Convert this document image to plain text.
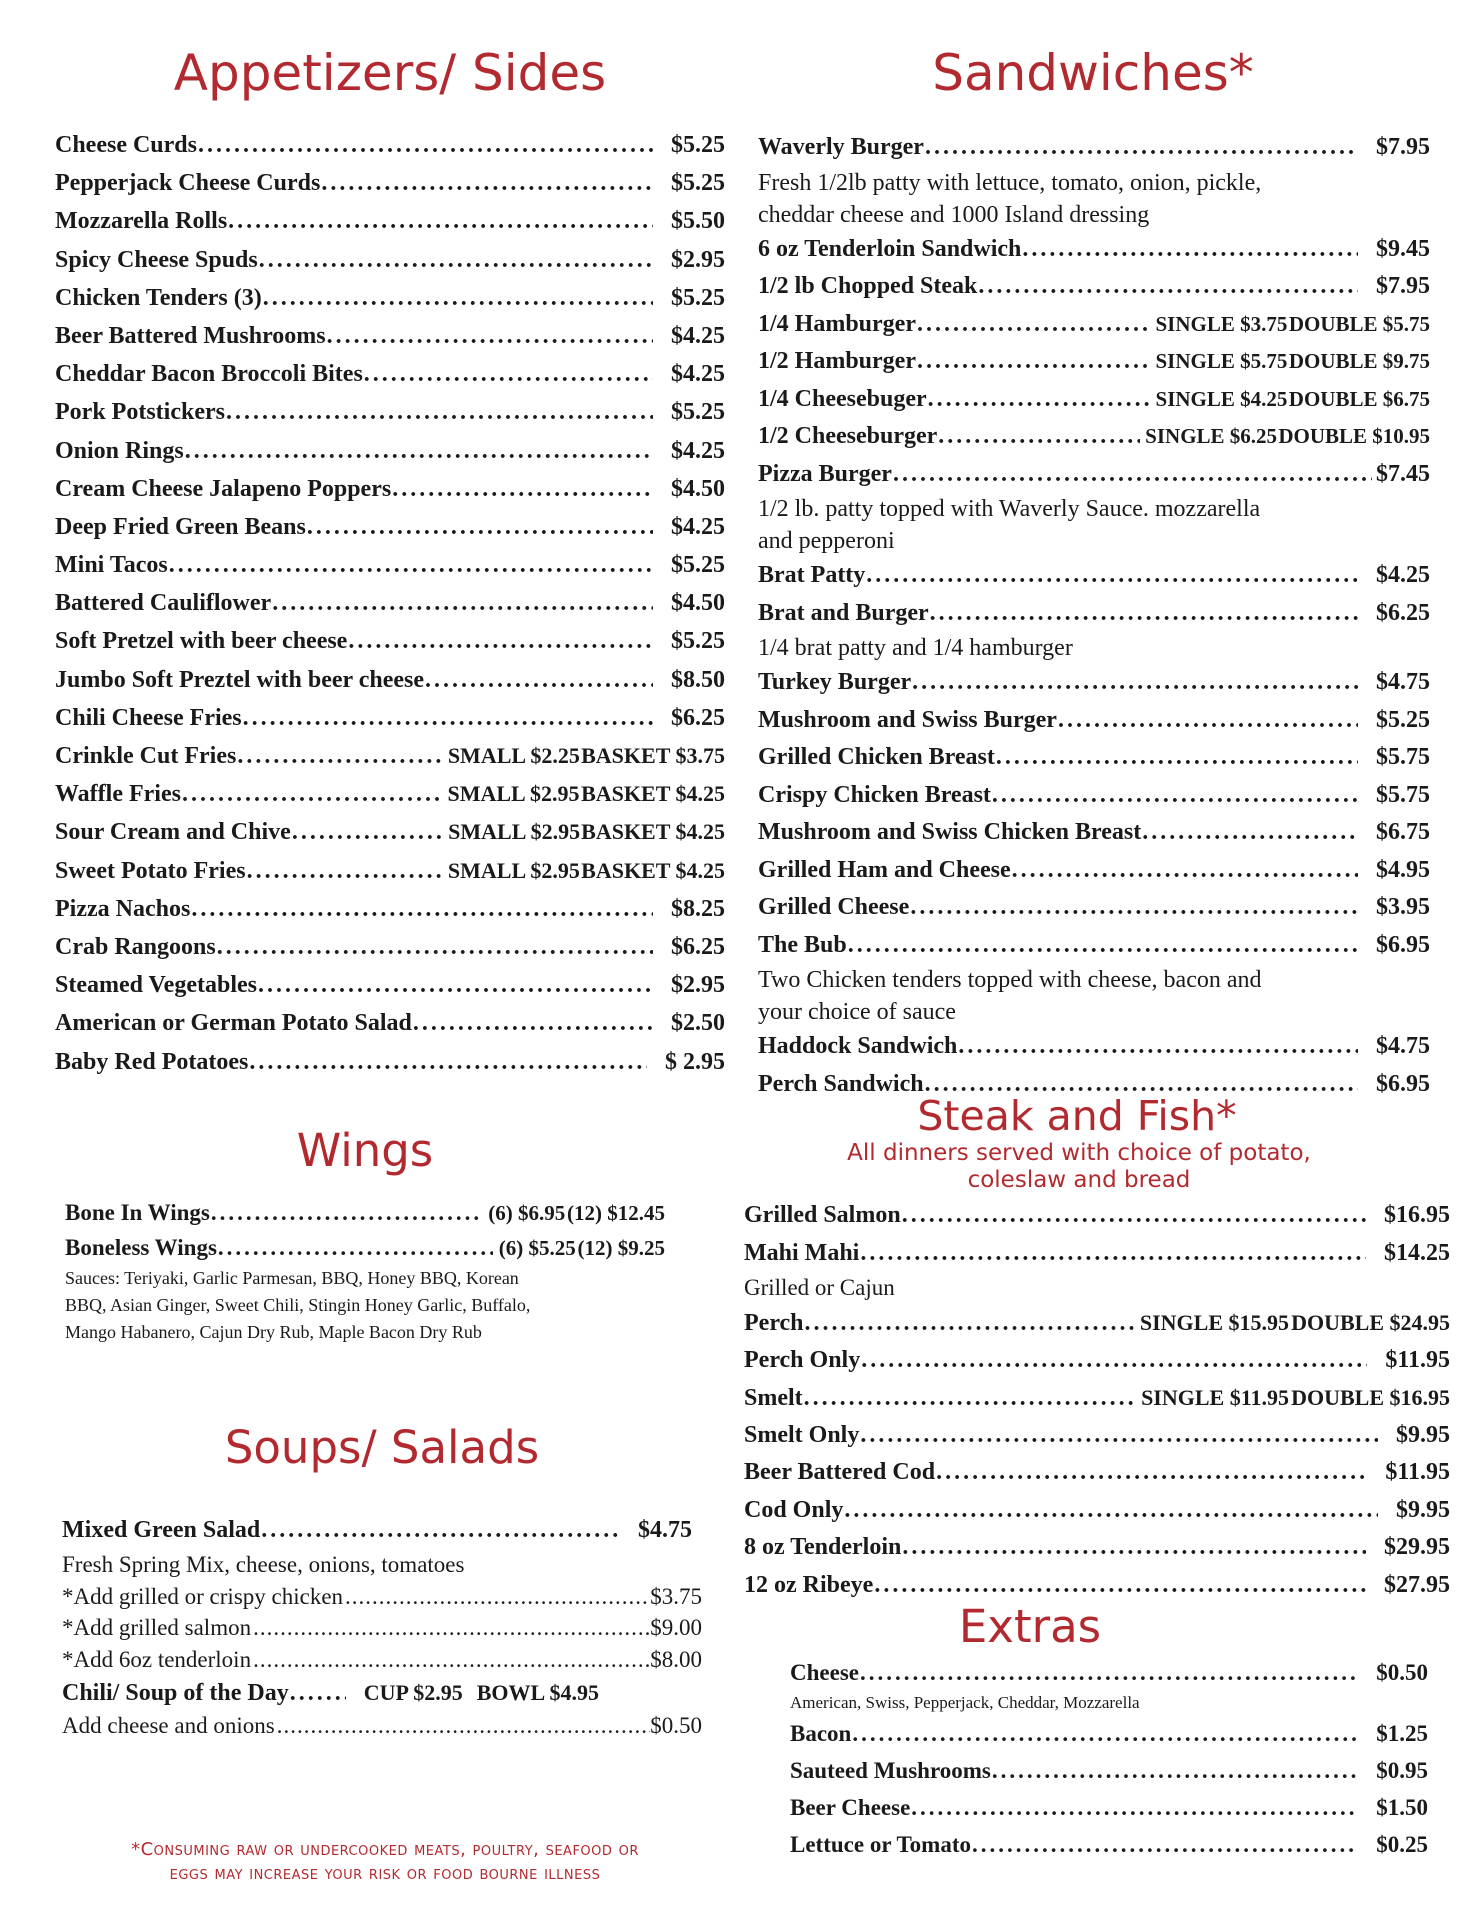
Appetizers/ Sides
Cheese Curds .....	$5.25
Pepperjack Cheese Curds .....	$5.25
Mozzarella Rolls .....	$5.50
Spicy Cheese Spuds .....	$2.95
Chicken Tenders (3) .....	$5.25
Beer Battered Mushrooms .....	$4.25
Cheddar Bacon Broccoli Bites .....	$4.25
Pork Potstickers .....	$5.25
Onion Rings .....	$4.25
Cream Cheese Jalapeno Poppers .....	$4.50
Deep Fried Green Beans .....	$4.25
Mini Tacos .....	$5.25
Battered Cauliflower .....	$4.50
Soft Pretzel with beer cheese .....	$5.25
Jumbo Soft Preztel with beer cheese .....	$8.50
Chili Cheese Fries .....	$6.25
Crinkle Cut Fries .....	SMALL $2.25 BASKET $3.75
Waffle Fries .....	SMALL $2.95 BASKET $4.25
Sour Cream and Chive .....	SMALL $2.95 BASKET $4.25
Sweet Potato Fries .....	SMALL $2.95 BASKET $4.25
Pizza Nachos .....	$8.25
Crab Rangoons .....	$6.25
Steamed Vegetables .....	$2.95
American or German Potato Salad .....	$2.50
Baby Red Potatoes .....	$ 2.95
Wings
Bone In Wings .....	(6) $6.95 (12) $12.45
Boneless Wings .....	(6) $5.25 (12) $9.25
Sauces: Teriyaki, Garlic Parmesan, BBQ, Honey BBQ, Korean
BBQ, Asian Ginger, Sweet Chili, Stingin Honey Garlic, Buffalo,
Mango Habanero, Cajun Dry Rub, Maple Bacon Dry Rub
Soups/ Salads
Mixed Green Salad .....	$4.75
Fresh Spring Mix, cheese, onions, tomatoes
*Add grilled or crispy chicken .....	$3.75
*Add grilled salmon .....	$9.00
*Add 6oz tenderloin .....	$8.00
Chili/ Soup of the Day .....	CUP $2.95 BOWL $4.95
Add cheese and onions .....	$0.50
*Consuming raw or undercooked meats, poultry, seafood or
eggs may increase your risk or food bourne illness
Sandwiches*
Waverly Burger .....	$7.95
Fresh 1/2lb patty with lettuce, tomato, onion, pickle,
cheddar cheese and 1000 Island dressing
6 oz Tenderloin Sandwich .....	$9.45
1/2 lb Chopped Steak .....	$7.95
1/4 Hamburger .....	SINGLE $3.75 DOUBLE $5.75
1/2 Hamburger .....	SINGLE $5.75 DOUBLE $9.75
1/4 Cheesebuger .....	SINGLE $4.25 DOUBLE $6.75
1/2 Cheeseburger .....	SINGLE $6.25 DOUBLE $10.95
Pizza Burger .....	$7.45
1/2 lb. patty topped with Waverly Sauce. mozzarella
and pepperoni
Brat Patty .....	$4.25
Brat and Burger .....	$6.25
1/4 brat patty and 1/4 hamburger
Turkey Burger .....	$4.75
Mushroom and Swiss Burger .....	$5.25
Grilled Chicken Breast .....	$5.75
Crispy Chicken Breast .....	$5.75
Mushroom and Swiss Chicken Breast .....	$6.75
Grilled Ham and Cheese .....	$4.95
Grilled Cheese .....	$3.95
The Bub .....	$6.95
Two Chicken tenders topped with cheese, bacon and
your choice of sauce
Haddock Sandwich .....	$4.75
Perch Sandwich .....	$6.95
Steak and Fish*
All dinners served with choice of potato,
coleslaw and bread
Grilled Salmon .....	$16.95
Mahi Mahi .....	$14.25
Grilled or Cajun
Perch .....	SINGLE $15.95 DOUBLE $24.95
Perch Only .....	$11.95
Smelt .....	SINGLE $11.95 DOUBLE $16.95
Smelt Only .....	$9.95
Beer Battered Cod .....	$11.95
Cod Only .....	$9.95
8 oz Tenderloin .....	$29.95
12 oz Ribeye .....	$27.95
Extras
Cheese .....	$0.50
American, Swiss, Pepperjack, Cheddar, Mozzarella
Bacon .....	$1.25
Sauteed Mushrooms .....	$0.95
Beer Cheese .....	$1.50
Lettuce or Tomato .....	$0.25
